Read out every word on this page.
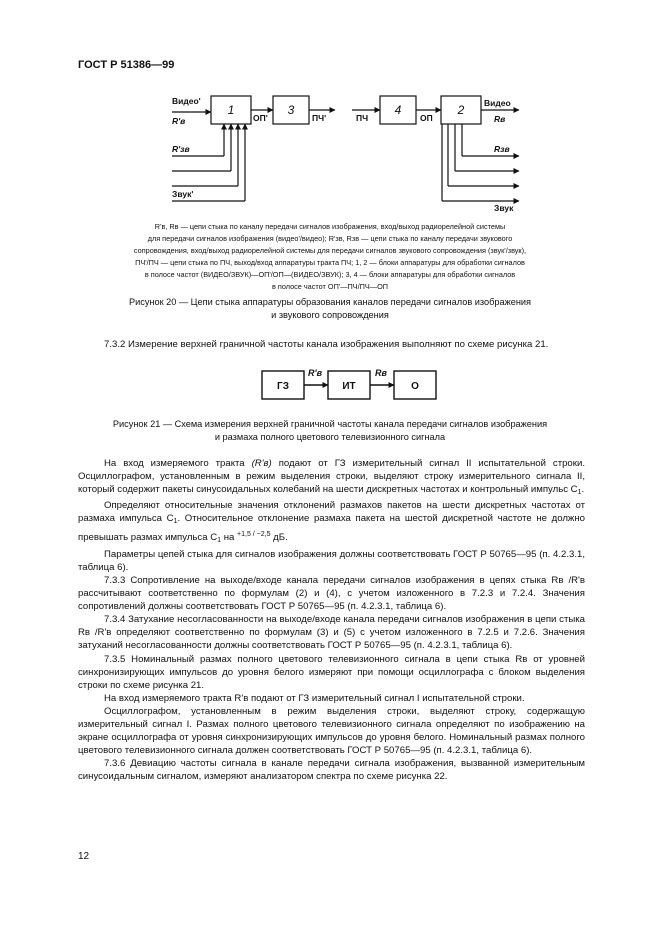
ГОСТ Р 51386—99
1	3	4	2
Видео'
R'в
R'зв
Звук'
ОП'	ПЧ'	ПЧ	ОП
Видео
Rв
Rзв
Звук

R'в, Rв — цепи стыка по каналу передачи сигналов изображения, вход/выход радиорелейной системы

для передачи сигналов изображения (видео'/видео); R'зв, Rзв — цепи стыка по каналу передачи звукового

сопровождения, вход/выход радиорелейной системы для передачи сигналов звукового сопровождения (звук'/звук),

ПЧ'/ПЧ — цепи стыка по ПЧ, выход/вход аппаратуры тракта ПЧ; 1, 2 — блоки аппаратуры для обработки сигналов

в полосе частот (ВИДЕО/ЗВУК)—ОП'/ОП—(ВИДЕО/ЗВУК); 3, 4 — блоки аппаратуры для обработки сигналов

в полосе частот ОП'—ПЧ/ПЧ—ОП

Рисунок 20 — Цепи стыка аппаратуры образования каналов передачи сигналов изображения

и звукового сопровождения

7.3.2 Измерение верхней граничной частоты канала изображения выполняют по схеме рисунка 21.

ГЗ	ИТ	О
R'в	Rв

Рисунок 21 — Схема измерения верхней граничной частоты канала передачи сигналов изображения

и размаха полного цветового телевизионного сигнала

На вход измеряемого тракта (R'в) подают от ГЗ измерительный сигнал II испытательной строки. Осциллографом, установленным в режим выделения строки, выделяют строку измерительного сигнала II, который содержит пакеты синусоидальных колебаний на шести дискретных частотах и контрольный импульс $C_1$.

Определяют относительные значения отклонений размахов пакетов на шести дискретных частотах от размаха импульса $C_1$. Относительное отклонение размаха пакета на шестой дискретной частоте не должно превышать размах импульса $C_1$ на $^{+1,5 / -2,5}$ дБ.

Параметры цепей стыка для сигналов изображения должны соответствовать ГОСТ Р 50765—95 (п. 4.2.3.1, таблица 6).

7.3.3 Сопротивление на выходе/входе канала передачи сигналов изображения в цепях стыка Rв /R'в рассчитывают соответственно по формулам (2) и (4), с учетом изложенного в 7.2.3 и 7.2.4. Значения сопротивлений должны соответствовать ГОСТ Р 50765—95 (п. 4.2.3.1, таблица 6).

7.3.4 Затухание несогласованности на выходе/входе канала передачи сигналов изображения в цепи стыка Rв /R'в определяют соответственно по формулам (3) и (5) с учетом изложенного в 7.2.5 и 7.2.6. Значения затуханий несогласованности должны соответствовать ГОСТ Р 50765—95 (п. 4.2.3.1, таблица 6).

7.3.5 Номинальный размах полного цветового телевизионного сигнала в цепи стыка Rв от уровней синхронизирующих импульсов до уровня белого измеряют при помощи осциллографа с блоком выделения строки по схеме рисунка 21.

На вход измеряемого тракта R'в подают от ГЗ измерительный сигнал I испытательной строки.

Осциллографом, установленным в режим выделения строки, выделяют строку, содержащую измерительный сигнал I. Размах полного цветового телевизионного сигнала определяют по изображению на экране осциллографа от уровня синхронизирующих импульсов до уровня белого. Номинальный размах полного цветового телевизионного сигнала должен соответствовать ГОСТ Р 50765—95 (п. 4.2.3.1, таблица 6).

7.3.6 Девиацию частоты сигнала в канале передачи сигнала изображения, вызванной измерительным синусоидальным сигналом, измеряют анализатором спектра по схеме рисунка 22.

12
